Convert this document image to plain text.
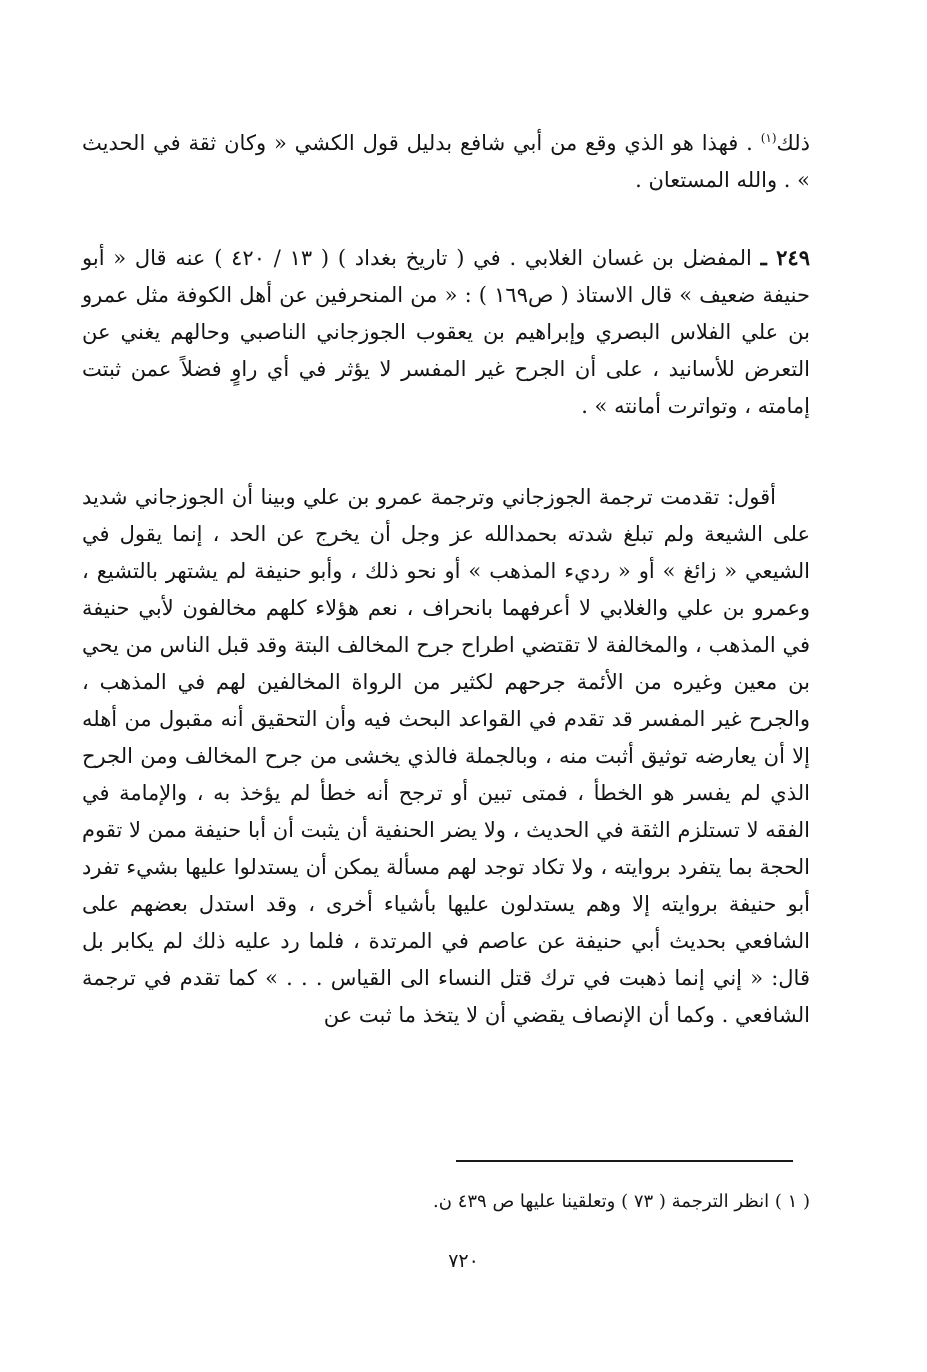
ذلك$^{(١)}$ . فهذا هو الذي وقع من أبي شافع بدليل قول الكشي « وكان ثقة في الحديث » . والله المستعان .

٢٤٩ ـ المفضل بن غسان الغلابي . في ( تاريخ بغداد ) ( ١٣ / ٤٢٠ ) عنه قال « أبو حنيفة ضعيف » قال الاستاذ ( ص١٦٩ ) : « من المنحرفين عن أهل الكوفة مثل عمرو بن علي الفلاس البصري وإبراهيم بن يعقوب الجوزجاني الناصبي وحالهم يغني عن التعرض للأسانيد ، على أن الجرح غير المفسر لا يؤثر في أي راوٍ فضلاً عمن ثبتت إمامته ، وتواترت أمانته » .

أقول: تقدمت ترجمة الجوزجاني وترجمة عمرو بن علي وبينا أن الجوزجاني شديد على الشيعة ولم تبلغ شدته بحمدالله عز وجل أن يخرج عن الحد ، إنما يقول في الشيعي « زائغ » أو « رديء المذهب » أو نحو ذلك ، وأبو حنيفة لم يشتهر بالتشيع ، وعمرو بن علي والغلابي لا أعرفهما بانحراف ، نعم هؤلاء كلهم مخالفون لأبي حنيفة في المذهب ، والمخالفة لا تقتضي اطراح جرح المخالف البتة وقد قبل الناس من يحي بن معين وغيره من الأئمة جرحهم لكثير من الرواة المخالفين لهم في المذهب ، والجرح غير المفسر قد تقدم في القواعد البحث فيه وأن التحقيق أنه مقبول من أهله إلا أن يعارضه توثيق أثبت منه ، وبالجملة فالذي يخشى من جرح المخالف ومن الجرح الذي لم يفسر هو الخطأ ، فمتى تبين أو ترجح أنه خطأ لم يؤخذ به ، والإمامة في الفقه لا تستلزم الثقة في الحديث ، ولا يضر الحنفية أن يثبت أن أبا حنيفة ممن لا تقوم الحجة بما يتفرد بروايته ، ولا تكاد توجد لهم مسألة يمكن أن يستدلوا عليها بشيء تفرد أبو حنيفة بروايته إلا وهم يستدلون عليها بأشياء أخرى ، وقد استدل بعضهم على الشافعي بحديث أبي حنيفة عن عاصم في المرتدة ، فلما رد عليه ذلك لم يكابر بل قال: « إني إنما ذهبت في ترك قتل النساء الى القياس . . . » كما تقدم في ترجمة الشافعي . وكما أن الإنصاف يقضي أن لا يتخذ ما ثبت عن

( ١ ) انظر الترجمة ( ٧٣ ) وتعلقينا عليها ص ٤٣٩ ن.

٧٢٠
